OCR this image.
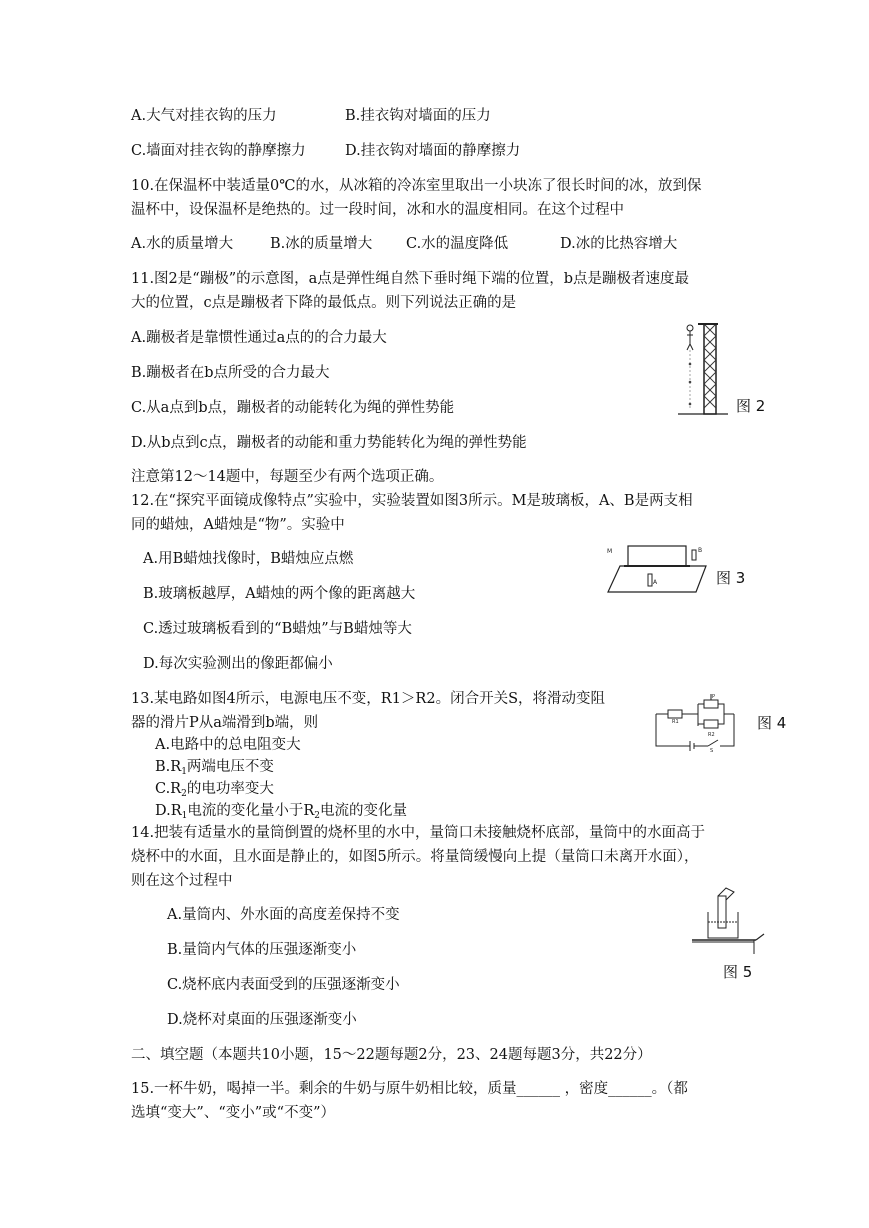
A.大气对挂衣钩的压力	B.挂衣钩对墙面的压力
C.墙面对挂衣钩的静摩擦力	D.挂衣钩对墙面的静摩擦力
10.在保温杯中装适量0℃的水，从冰箱的冷冻室里取出一小块冻了很长时间的冰，放到保
温杯中，设保温杯是绝热的。过一段时间，冰和水的温度相同。在这个过程中
A.水的质量增大	B.冰的质量增大 C.水的温度降低	D.冰的比热容增大
11.图2是“蹦极”的示意图，a点是弹性绳自然下垂时绳下端的位置，b点是蹦极者速度最
大的位置，c点是蹦极者下降的最低点。则下列说法正确的是
A.蹦极者是靠惯性通过a点的的合力最大
B.蹦极者在b点所受的合力最大
C.从a点到b点，蹦极者的动能转化为绳的弹性势能
D.从b点到c点，蹦极者的动能和重力势能转化为绳的弹性势能
图 2
注意第12～14题中，每题至少有两个选项正确。
12.在“探究平面镜成像特点”实验中，实验装置如图3所示。M是玻璃板，A、B是两支相
同的蜡烛，A蜡烛是“物”。实验中
A.用B蜡烛找像时，B蜡烛应点燃
B.玻璃板越厚，A蜡烛的两个像的距离越大
C.透过玻璃板看到的“B蜡烛”与B蜡烛等大
D.每次实验测出的像距都偏小
M	B
A	图 3
13.某电路如图4所示，电源电压不变，R1＞R2。闭合开关S，将滑动变阻
器的滑片P从a端滑到b端，则
A.电路中的总电阻变大
$B.R_1$两端电压不变
$C.R_2$的电功率变大
$D.R_1$电流的变化量小于$R_2$电流的变化量
R1
R2
P
S
图 4
14.把装有适量水的量筒倒置的烧杯里的水中，量筒口未接触烧杯底部，量筒中的水面高于
烧杯中的水面，且水面是静止的，如图5所示。将量筒缓慢向上提（量筒口未离开水面），
则在这个过程中
A.量筒内、外水面的高度差保持不变
B.量筒内气体的压强逐渐变小
C.烧杯底内表面受到的压强逐渐变小
D.烧杯对桌面的压强逐渐变小
图 5
二、填空题（本题共10小题，15～22题每题2分，23、24题每题3分，共22分）
15.一杯牛奶，喝掉一半。剩余的牛奶与原牛奶相比较，质量______ ，密度______。（都
选填“变大”、“变小”或“不变”）
